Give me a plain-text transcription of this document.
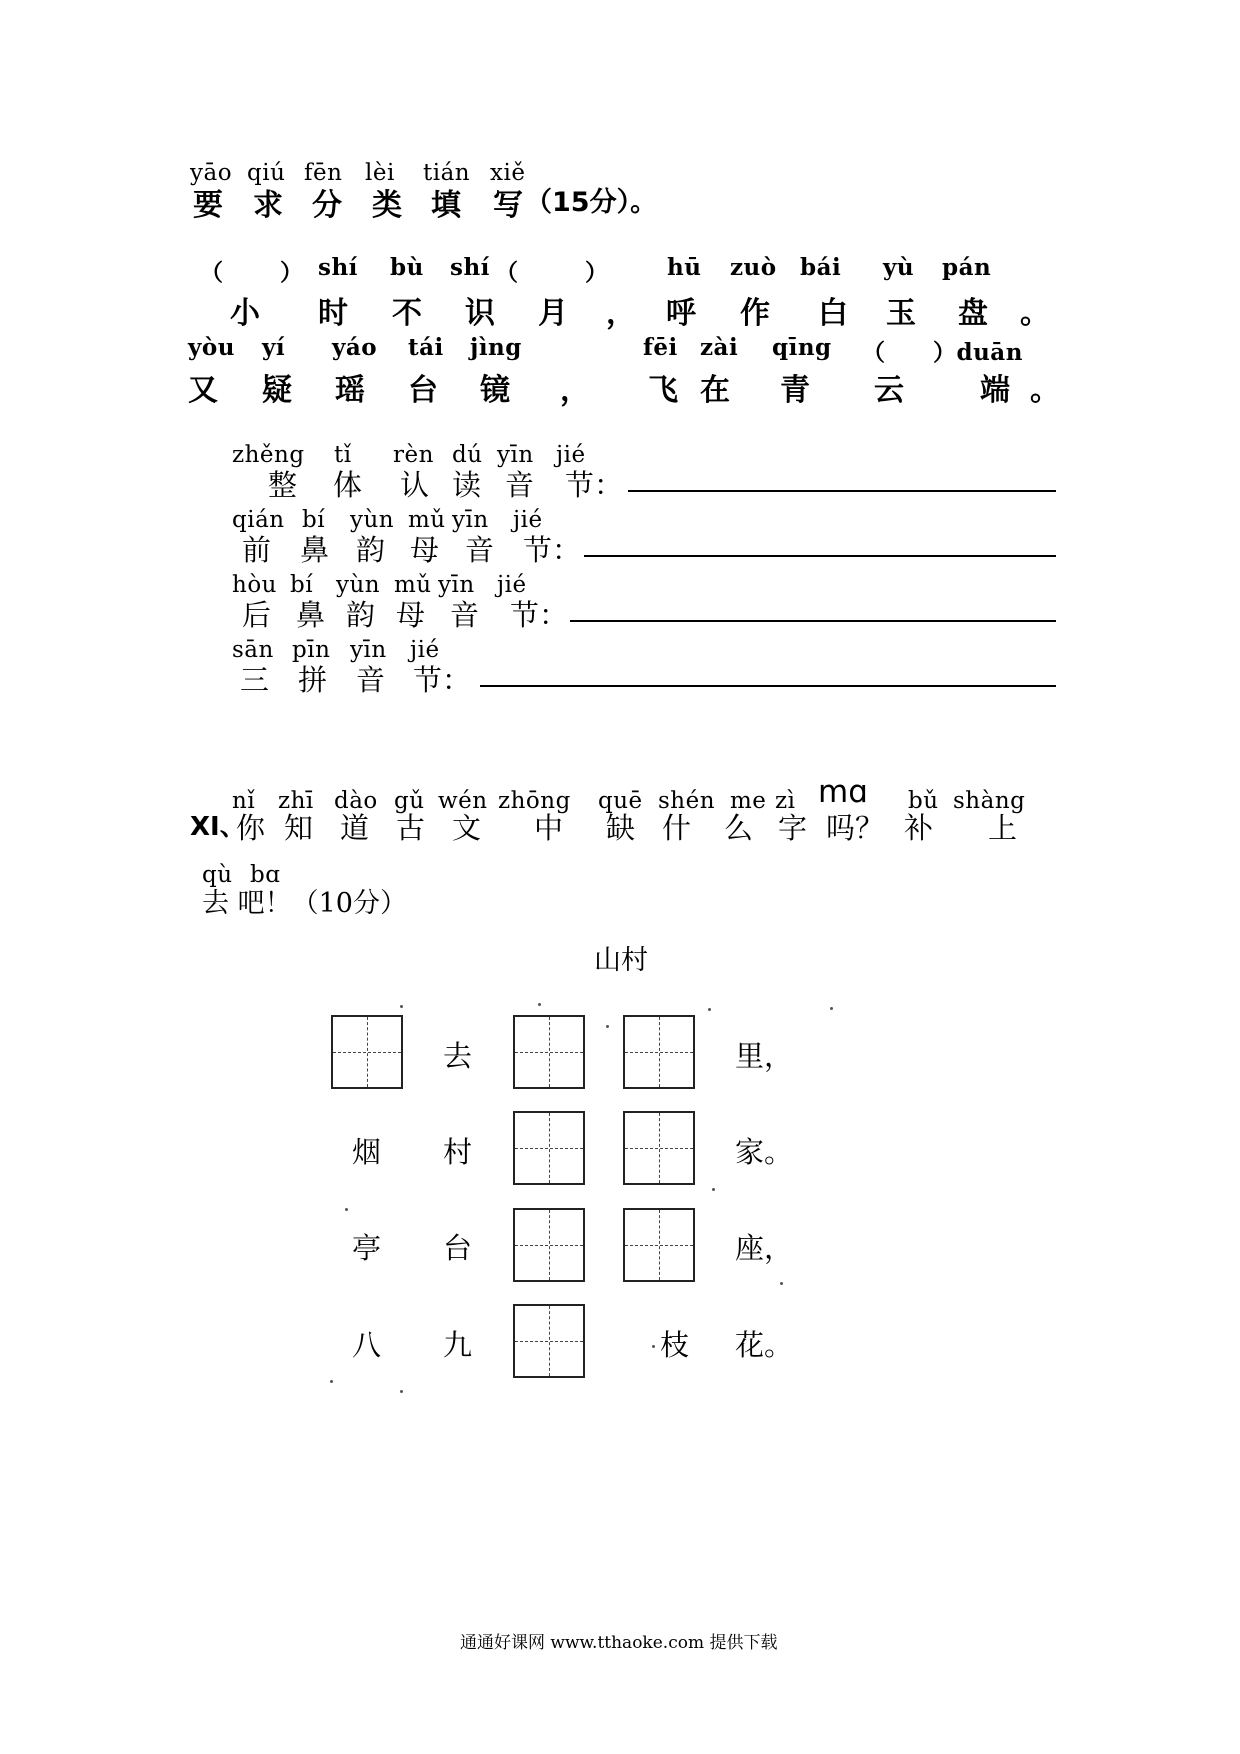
yāo qiú fēn lèi tián xiě
要 求 分 类 填 写 （15分）。
（ ） shí bù shí （	）	hū zuò bái yù pán
小 时 不 识 月 ， 呼 作 白 玉 盘 。
yòu yí yáo tái jìng	fēi zài qīng （ ）duān
又 疑 瑶 台 镜 ， 飞 在 青 云	端 。
zhěng tǐ rèn dú yīn jié
整 体 认 读 音 节：
qián bí yùn mǔ yīn jié
前 鼻 韵 母 音 节：
hòu bí yùn mǔ yīn jié
后 鼻 韵 母 音 节：
sān pīn yīn jié
三 拼 音 节：
nǐ zhī dào gǔ wén zhōng quē shén me zì mɑ bǔ shàng
XI、
你 知 道 古 文 中 缺 什 么 字 吗？ 补 上
qù bɑ
去 吧！（10分）
山村
去	里，
烟 村	家。
亭 台	座，
八 九	枝 花。
通通好课网 www.tthaoke.com 提供下载
